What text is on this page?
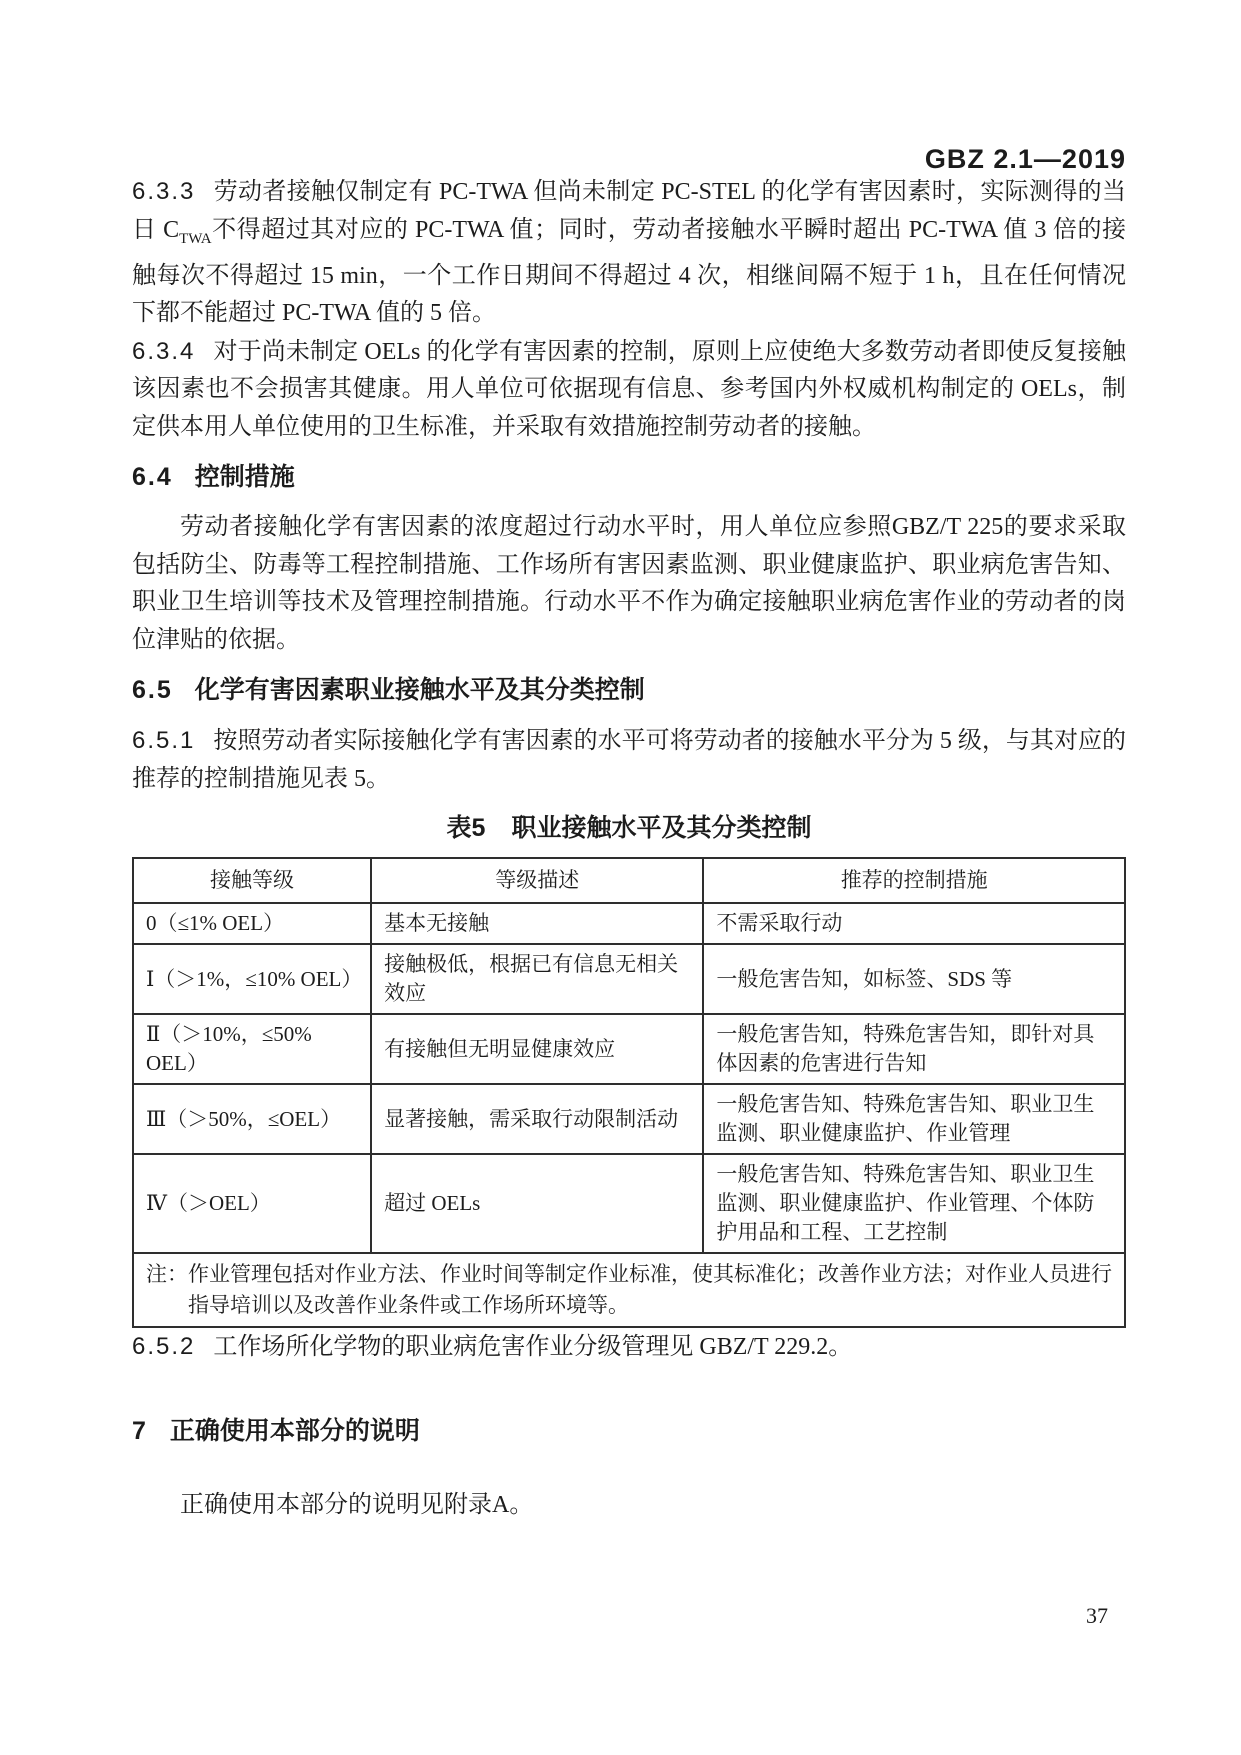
GBZ 2.1—2019

6.3.3 劳动者接触仅制定有 PC-TWA 但尚未制定 PC-STEL 的化学有害因素时，实际测得的当日 $C_{TWA}$不得超过其对应的 PC-TWA 值；同时，劳动者接触水平瞬时超出 PC-TWA 值 3 倍的接触每次不得超过 15 min，一个工作日期间不得超过 4 次，相继间隔不短于 1 h，且在任何情况下都不能超过 PC-TWA 值的 5 倍。

6.3.4 对于尚未制定 OELs 的化学有害因素的控制，原则上应使绝大多数劳动者即使反复接触该因素也不会损害其健康。用人单位可依据现有信息、参考国内外权威机构制定的 OELs，制定供本用人单位使用的卫生标准，并采取有效措施控制劳动者的接触。

6.4 控制措施

劳动者接触化学有害因素的浓度超过行动水平时，用人单位应参照GBZ/T 225的要求采取包括防尘、防毒等工程控制措施、工作场所有害因素监测、职业健康监护、职业病危害告知、职业卫生培训等技术及管理控制措施。行动水平不作为确定接触职业病危害作业的劳动者的岗位津贴的依据。

6.5 化学有害因素职业接触水平及其分类控制

6.5.1 按照劳动者实际接触化学有害因素的水平可将劳动者的接触水平分为 5 级，与其对应的推荐的控制措施见表 5。

表5 职业接触水平及其分类控制
接触等级	等级描述	推荐的控制措施
0（≤1% OEL）	基本无接触	不需采取行动
Ⅰ（＞1%，≤10% OEL）	接触极低，根据已有信息无相关效应	一般危害告知，如标签、SDS 等
Ⅱ（＞10%，≤50% OEL）	有接触但无明显健康效应	一般危害告知，特殊危害告知，即针对具体因素的危害进行告知
Ⅲ（＞50%，≤OEL）	显著接触，需采取行动限制活动	一般危害告知、特殊危害告知、职业卫生监测、职业健康监护、作业管理
Ⅳ（＞OEL）	超过 OELs	一般危害告知、特殊危害告知、职业卫生监测、职业健康监护、作业管理、个体防护用品和工程、工艺控制

注： 作业管理包括对作业方法、作业时间等制定作业标准，使其标准化；改善作业方法；对作业人员进行指导培训以及改善作业条件或工作场所环境等。		

6.5.2 工作场所化学物的职业病危害作业分级管理见 GBZ/T 229.2。

7 正确使用本部分的说明

正确使用本部分的说明见附录A。

37
